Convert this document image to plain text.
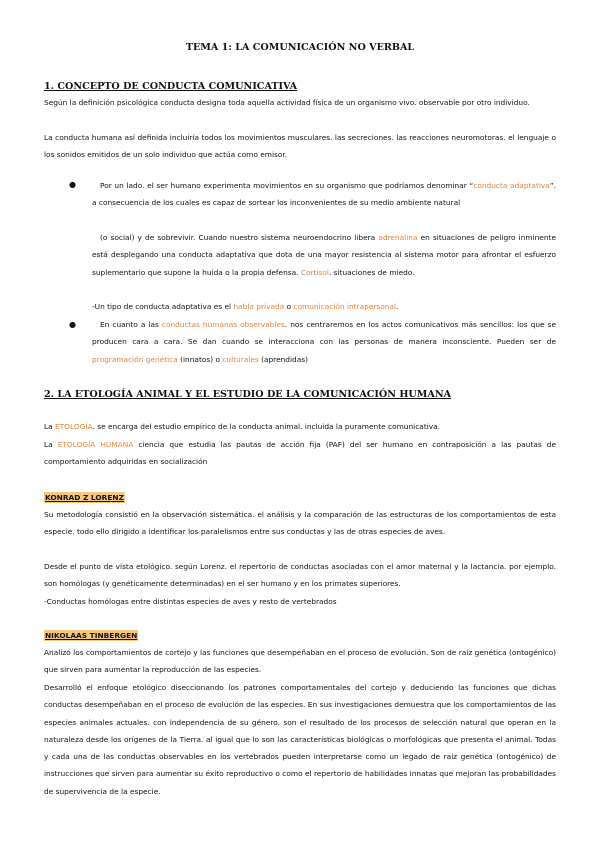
TEMA 1: LA COMUNICACIÓN NO VERBAL
1. CONCEPTO DE CONDUCTA COMUNICATIVA

Según la definición psicológica conducta designa toda aquella actividad física de un organismo vivo. observable por otro individuo.

La conducta humana así definida incluiría todos los movimientos musculares. las secreciones. las reacciones neuromotoras. el lenguaje o los sonidos emitidos de un solo individuo que actúa como emisor.

●	Por un lado. el ser humano experimenta movimientos en su organismo que podríamos denominar “conducta adaptativa”. a consecuencia de los cuales es capaz de sortear los inconvenientes de su medio ambiente natural

(o social) y de sobrevivir. Cuando nuestro sistema neuroendocrino libera adrenalina en situaciones de peligro inminente está desplegando una conducta adaptativa que dota de una mayor resistencia al sistema motor para afrontar el esfuerzo suplementario que supone la huida o la propia defensa. Cortisol. situaciones de miedo.

-Un tipo de conducta adaptativa es el habla privada o comunicación intrapersonal.

●	En cuanto a las conductas humanas observables. nos centraremos en los actos comunicativos más sencillos: los que se producen cara a cara. Se dan cuando se interacciona con las personas de manera inconsciente. Pueden ser de programación genética (innatos) o culturales (aprendidas)

2. LA ETOLOGÍA ANIMAL Y EL ESTUDIO DE LA COMUNICACIÓN HUMANA

La ETOLOGÍA. se encarga del estudio empírico de la conducta animal. incluida la puramente comunicativa.

La ETOLOGÍA HUMANA ciencia que estudia las pautas de acción fija (PAF) del ser humano en contraposición a las pautas de comportamiento adquiridas en socialización

KONRAD Z LORENZ

Su metodología consistió en la observación sistemática. el análisis y la comparación de las estructuras de los comportamientos de esta especie. todo ello dirigido a identificar los paralelismos entre sus conductas y las de otras especies de aves.

Desde el punto de vista etológico. según Lorenz. el repertorio de conductas asociadas con el amor maternal y la lactancia. por ejemplo. son homólogas (y genéticamente determinadas) en el ser humano y en los primates superiores.

-Conductas homólogas entre distintas especies de aves y resto de vertebrados

NIKOLAAS TINBERGEN

Analizó los comportamientos de cortejo y las funciones que desempeñaban en el proceso de evolución. Son de raíz genética (ontogénico) que sirven para aumentar la reproducción de las especies.

Desarrolló el enfoque etológico diseccionando los patrones comportamentales del cortejo y deduciendo las funciones que dichas conductas desempeñaban en el proceso de evolución de las especies. En sus investigaciones demuestra que los comportamientos de las especies animales actuales. con independencia de su género. son el resultado de los procesos de selección natural que operan en la naturaleza desde los orígenes de la Tierra. al igual que lo son las características biológicas o morfológicas que presenta el animal. Todas y cada una de las conductas observables en los vertebrados pueden interpretarse como un legado de raíz genética (ontogénico) de instrucciones que sirven para aumentar su éxito reproductivo o como el repertorio de habilidades innatas que mejoran las probabilidades de supervivencia de la especie.
